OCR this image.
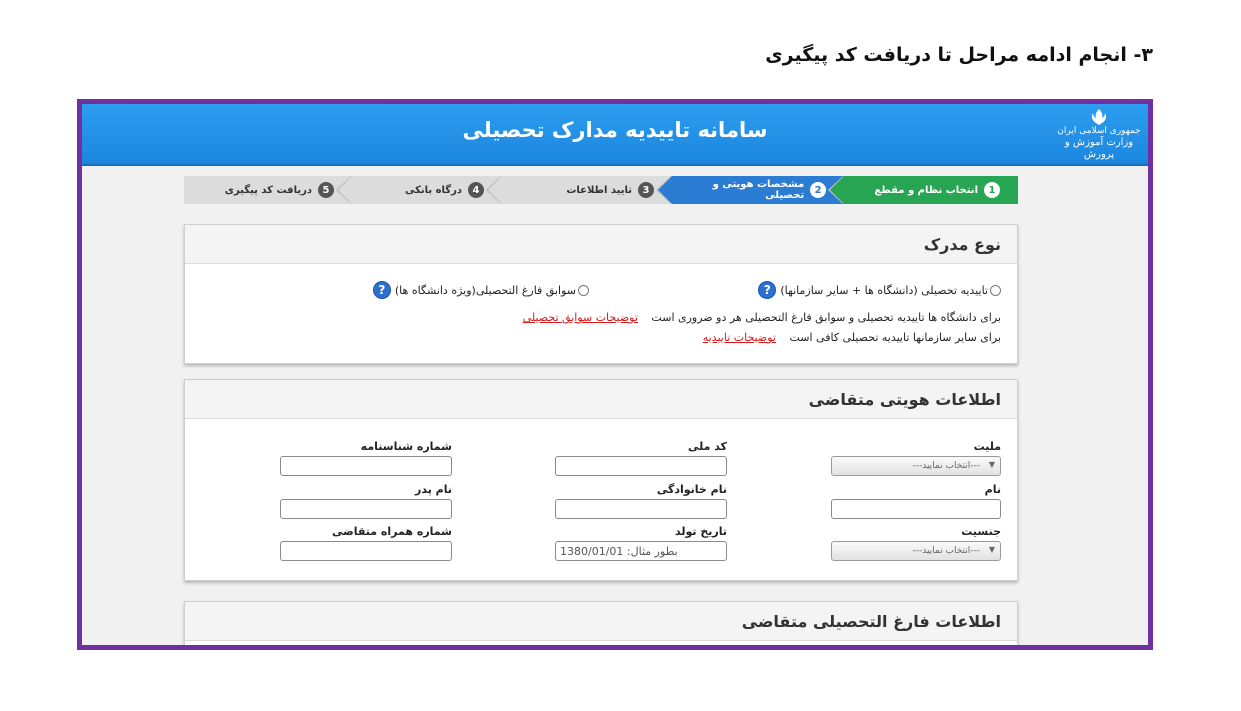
۳- انجام ادامه مراحل تا دریافت کد پیگیری
سامانه تاییدیه مدارک تحصیلی	جمهوری اسلامی ایران
وزارت آموزش و پرورش
1
انتخاب نظام و مقطع
2
مشخصات هویتی و تحصیلی
3
تایید اطلاعات
4
درگاه بانکی
5
دریافت کد پیگیری
نوع مدرک
تاییدیه تحصیلی (دانشگاه ها + سایر سازمانها)
?
سوابق فارغ التحصیلی(ویژه دانشگاه ها)
?
برای دانشگاه ها تاییدیه تحصیلی و سوابق فارغ التحصیلی هر دو ضروری است توضیحات سوابق تحصیلی
برای سایر سازمانها تاییدیه تحصیلی کافی است توضیحات تاییدیه
اطلاعات هویتی متقاضی
ملیت
▼
---انتخاب نمایید---
کد ملی
شماره شناسنامه
نام
نام خانوادگی
نام پدر
جنسیت
▼
---انتخاب نمایید---
تاریخ تولد
بطور مثال: 1380/01/01
شماره همراه متقاضی
اطلاعات فارغ التحصیلی متقاضی
